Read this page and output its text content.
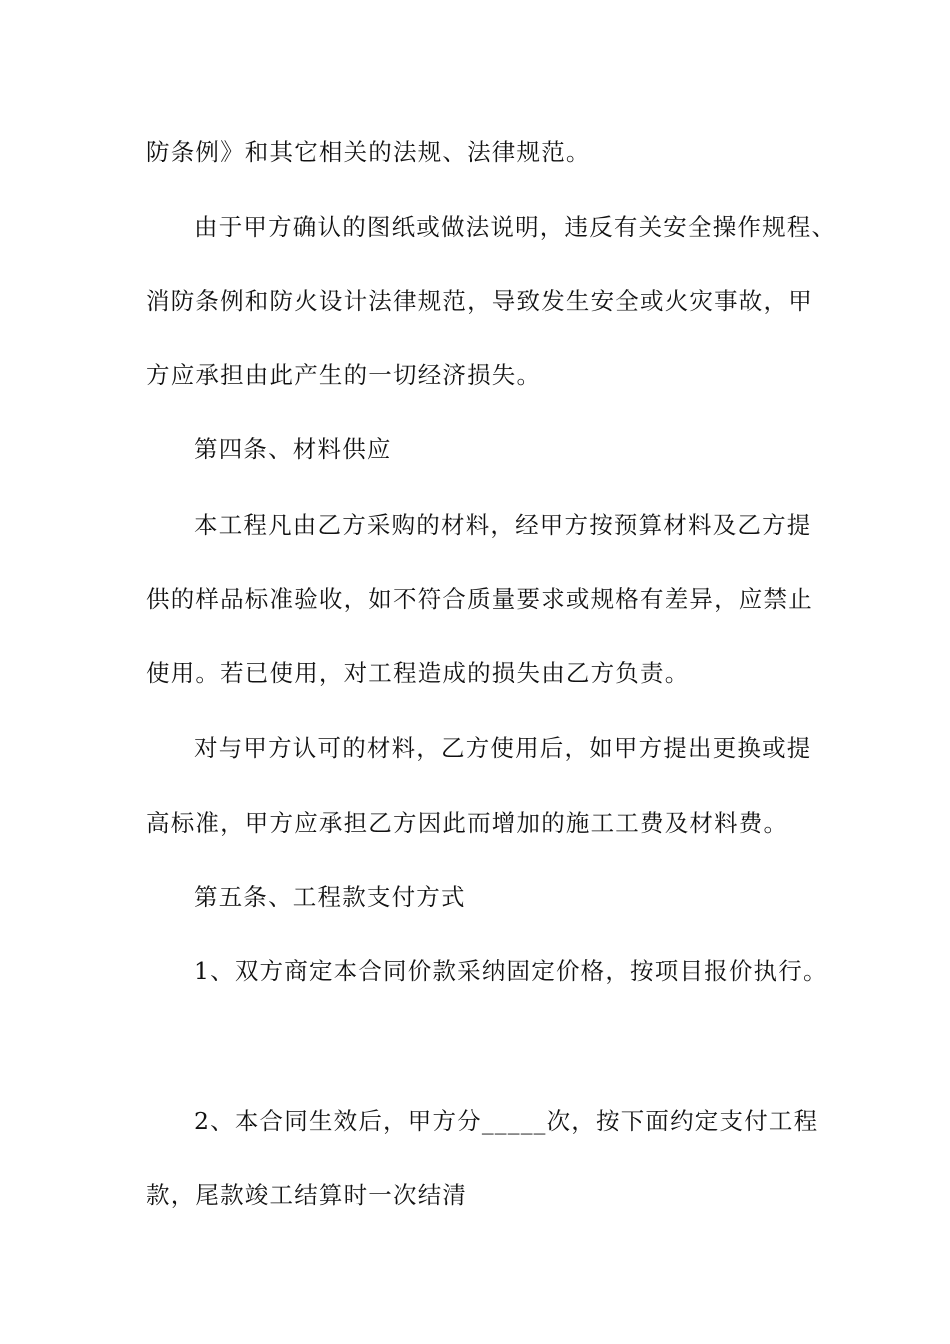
防条例》和其它相关的法规、法律规范。
由于甲方确认的图纸或做法说明，违反有关安全操作规程、
消防条例和防火设计法律规范，导致发生安全或火灾事故，甲
方应承担由此产生的一切经济损失。
第四条、材料供应
本工程凡由乙方采购的材料，经甲方按预算材料及乙方提
供的样品标准验收，如不符合质量要求或规格有差异，应禁止
使用。若已使用，对工程造成的损失由乙方负责。
对与甲方认可的材料，乙方使用后，如甲方提出更换或提
高标准，甲方应承担乙方因此而增加的施工工费及材料费。
第五条、工程款支付方式
1、双方商定本合同价款采纳固定价格，按项目报价执行。
2、本合同生效后，甲方分_____次，按下面约定支付工程
款，尾款竣工结算时一次结清
